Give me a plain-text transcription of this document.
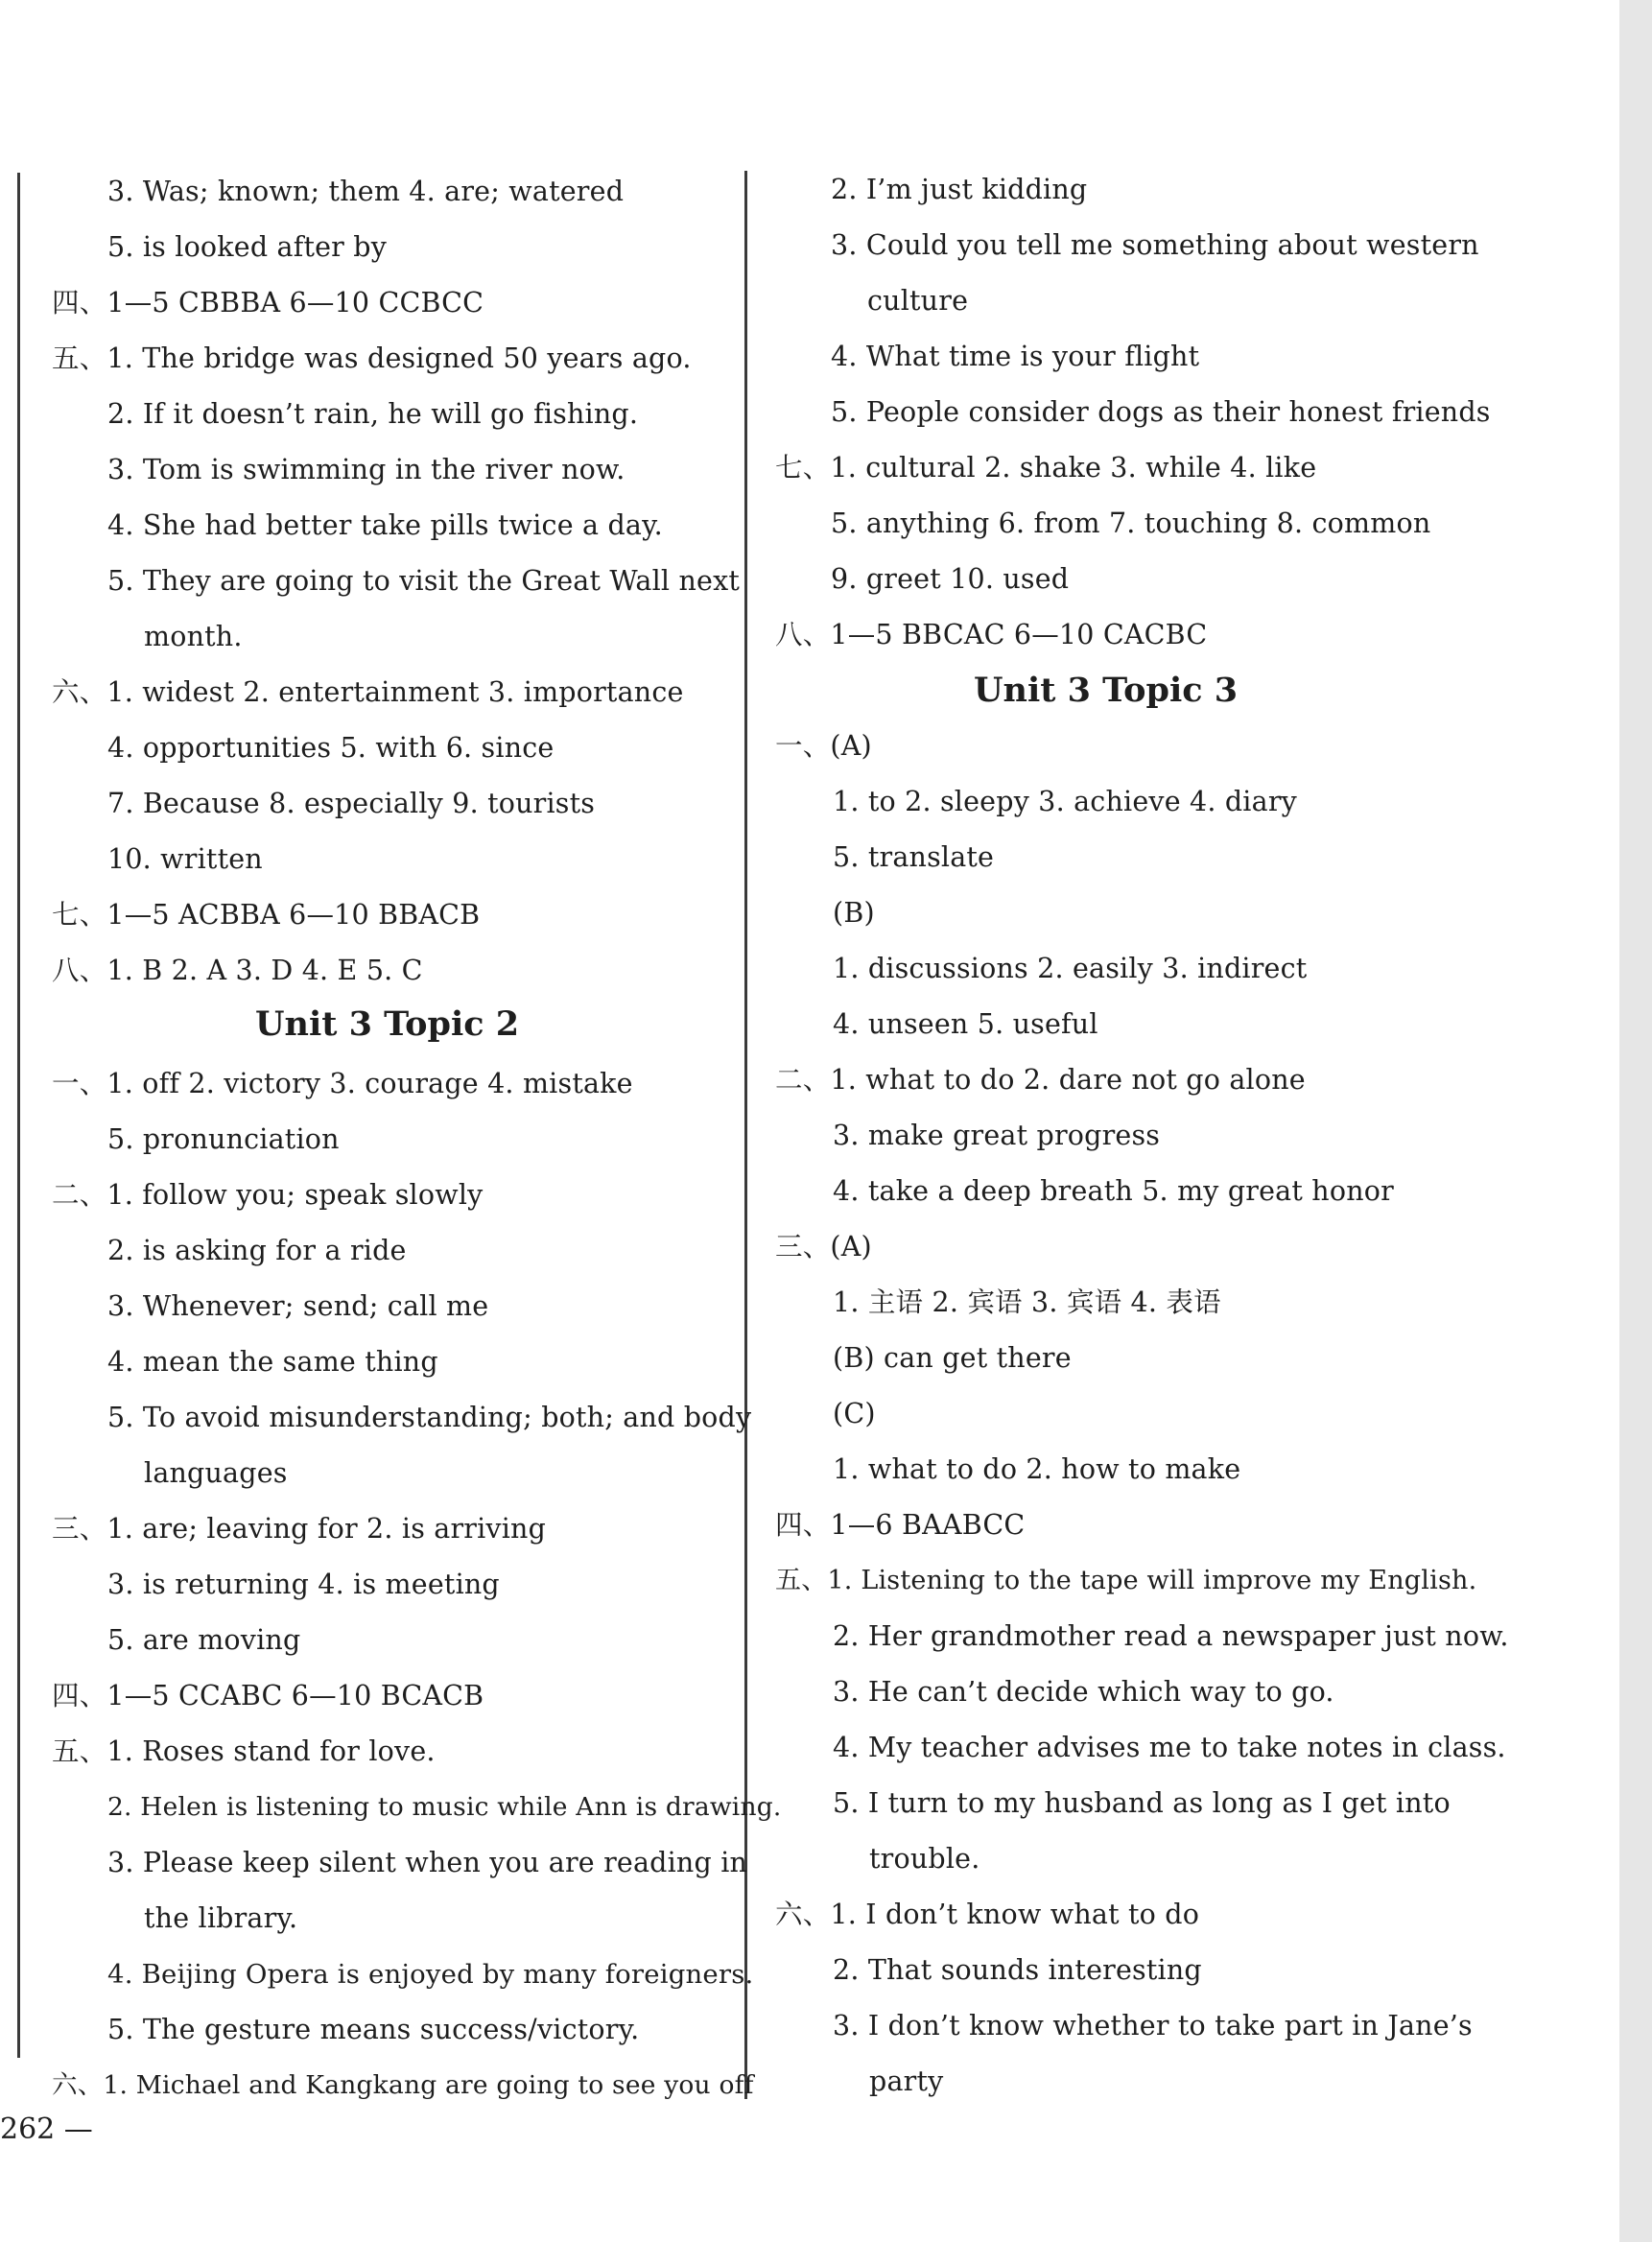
3. Was; known; them 4. are; watered
5. is looked after by
四、1—5 CBBBA 6—10 CCBCC
五、1. The bridge was designed 50 years ago.
2. If it doesn’t rain, he will go fishing.
3. Tom is swimming in the river now.
4. She had better take pills twice a day.
5. They are going to visit the Great Wall next
month.
六、1. widest 2. entertainment 3. importance
4. opportunities 5. with 6. since
7. Because 8. especially 9. tourists
10. written
七、1—5 ACBBA 6—10 BBACB
八、1. B 2. A 3. D 4. E 5. C
Unit 3 Topic 2
一、1. off 2. victory 3. courage 4. mistake
5. pronunciation
二、1. follow you; speak slowly
2. is asking for a ride
3. Whenever; send; call me
4. mean the same thing
5. To avoid misunderstanding; both; and body
languages
三、1. are; leaving for 2. is arriving
3. is returning 4. is meeting
5. are moving
四、1—5 CCABC 6—10 BCACB
五、1. Roses stand for love.
2. Helen is listening to music while Ann is drawing.
3. Please keep silent when you are reading in
the library.
4. Beijing Opera is enjoyed by many foreigners.
5. The gesture means success/victory.
六、1. Michael and Kangkang are going to see you off
2. I’m just kidding
3. Could you tell me something about western
culture
4. What time is your flight
5. People consider dogs as their honest friends
七、1. cultural 2. shake 3. while 4. like
5. anything 6. from 7. touching 8. common
9. greet 10. used
八、1—5 BBCAC 6—10 CACBC
Unit 3 Topic 3
一、(A)
1. to 2. sleepy 3. achieve 4. diary
5. translate
(B)
1. discussions 2. easily 3. indirect
4. unseen 5. useful
二、1. what to do 2. dare not go alone
3. make great progress
4. take a deep breath 5. my great honor
三、(A)
1. 主语 2. 宾语 3. 宾语 4. 表语
(B) can get there
(C)
1. what to do 2. how to make
四、1—6 BAABCC
五、1. Listening to the tape will improve my English.
2. Her grandmother read a newspaper just now.
3. He can’t decide which way to go.
4. My teacher advises me to take notes in class.
5. I turn to my husband as long as I get into
trouble.
六、1. I don’t know what to do
2. That sounds interesting
3. I don’t know whether to take part in Jane’s
party
262 —
